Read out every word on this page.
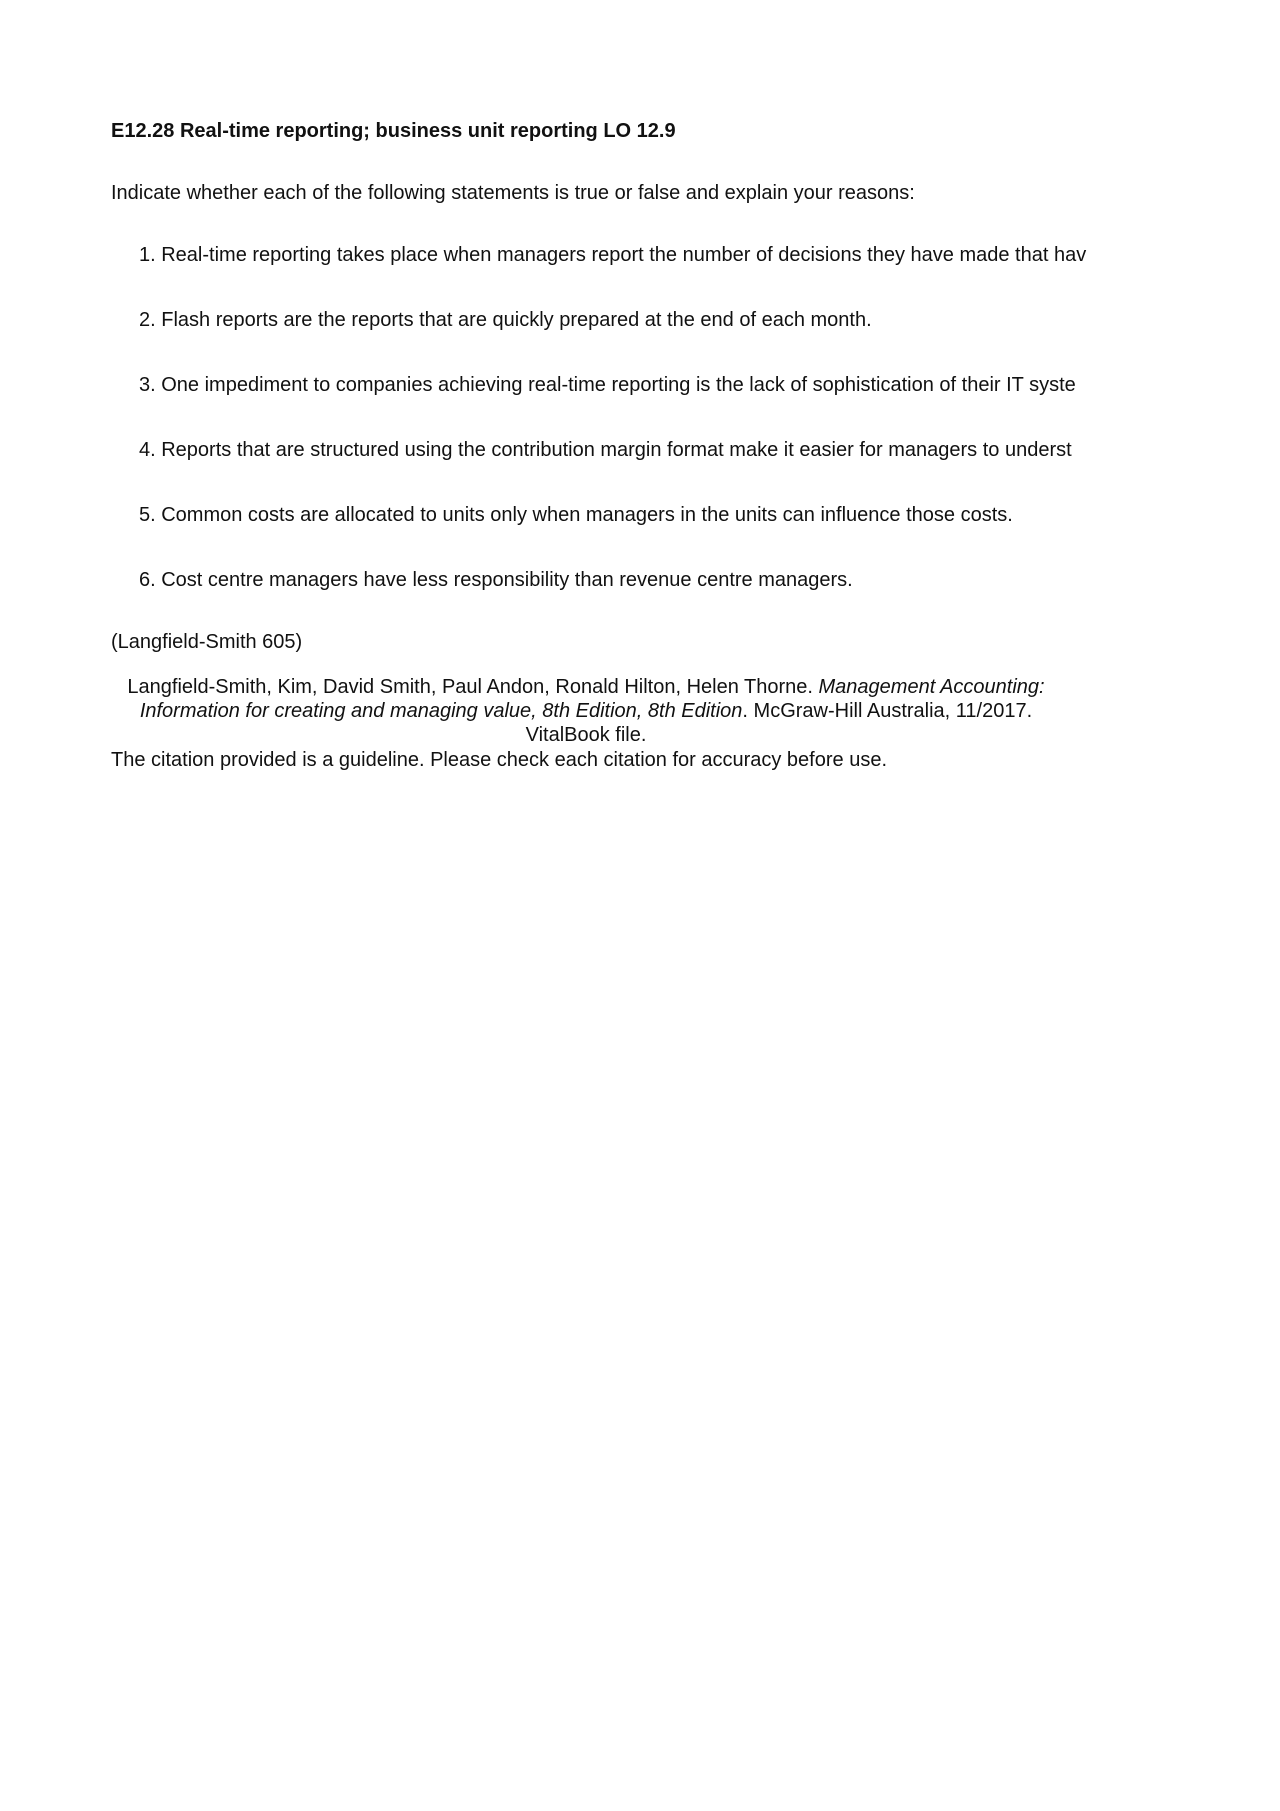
E12.28 Real-time reporting; business unit reporting LO 12.9

Indicate whether each of the following statements is true or false and explain your reasons:

1. Real-time reporting takes place when managers report the number of decisions they have made that hav
2. Flash reports are the reports that are quickly prepared at the end of each month.
3. One impediment to companies achieving real-time reporting is the lack of sophistication of their IT syste
4. Reports that are structured using the contribution margin format make it easier for managers to underst
5. Common costs are allocated to units only when managers in the units can influence those costs.
6. Cost centre managers have less responsibility than revenue centre managers.

(Langfield-Smith 605)

Langfield-Smith, Kim, David Smith, Paul Andon, Ronald Hilton, Helen Thorne. Management Accounting: Information for creating and managing value, 8th Edition, 8th Edition. McGraw-Hill Australia, 11/2017. VitalBook file.

The citation provided is a guideline. Please check each citation for accuracy before use.
